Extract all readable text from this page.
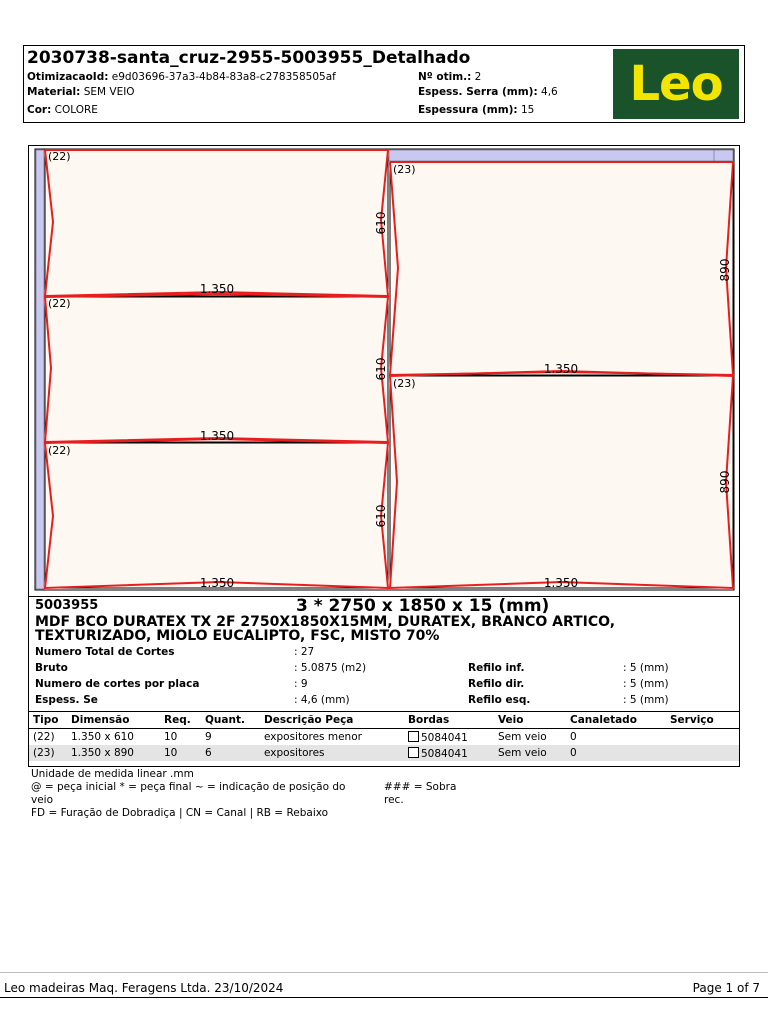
2030738-santa_cruz-2955-5003955_Detalhado
OtimizacaoId: e9d03696-37a3-4b84-83a8-c278358505af
Material: SEM VEIO
Cor: COLORE
Nº otim.: 2
Espess. Serra (mm): 4,6
Espessura (mm): 15	Leo
(22)
(22)
(22)
(23)
(23)
1.350
1.350
1.350
1.350
1.350
610
610
610
890
890
5003955	3 * 2750 x 1850 x 15 (mm)
MDF BCO DURATEX TX 2F 2750X1850X15MM, DURATEX, BRANCO ARTICO, TEXTURIZADO, MIOLO EUCALIPTO, FSC, MISTO 70%
Numero Total de Cortes	: 27
Bruto	: 5.0875 (m2)
Numero de cortes por placa	: 9
Espess. Se	: 4,6 (mm)
Refilo inf.	: 5 (mm)
Refilo dir.	: 5 (mm)
Refilo esq.	: 5 (mm)
Tipo	Dimensão	Req.	Quant.	Descrição Peça	Bordas	Veio	Canaletado	Serviço
(22)	1.350 x 610	10	9	expositores menor	5084041	Sem veio	0	
(23)	1.350 x 890	10	6	expositores	5084041	Sem veio	0	
Unidade de medida linear .mm
@ = peça inicial * = peça final ~ = indicação de posição do veio
### = Sobra rec.
FD = Furação de Dobradiça | CN = Canal | RB = Rebaixo
Leo madeiras Maq. Feragens Ltda. 23/10/2024	Page 1 of 7
